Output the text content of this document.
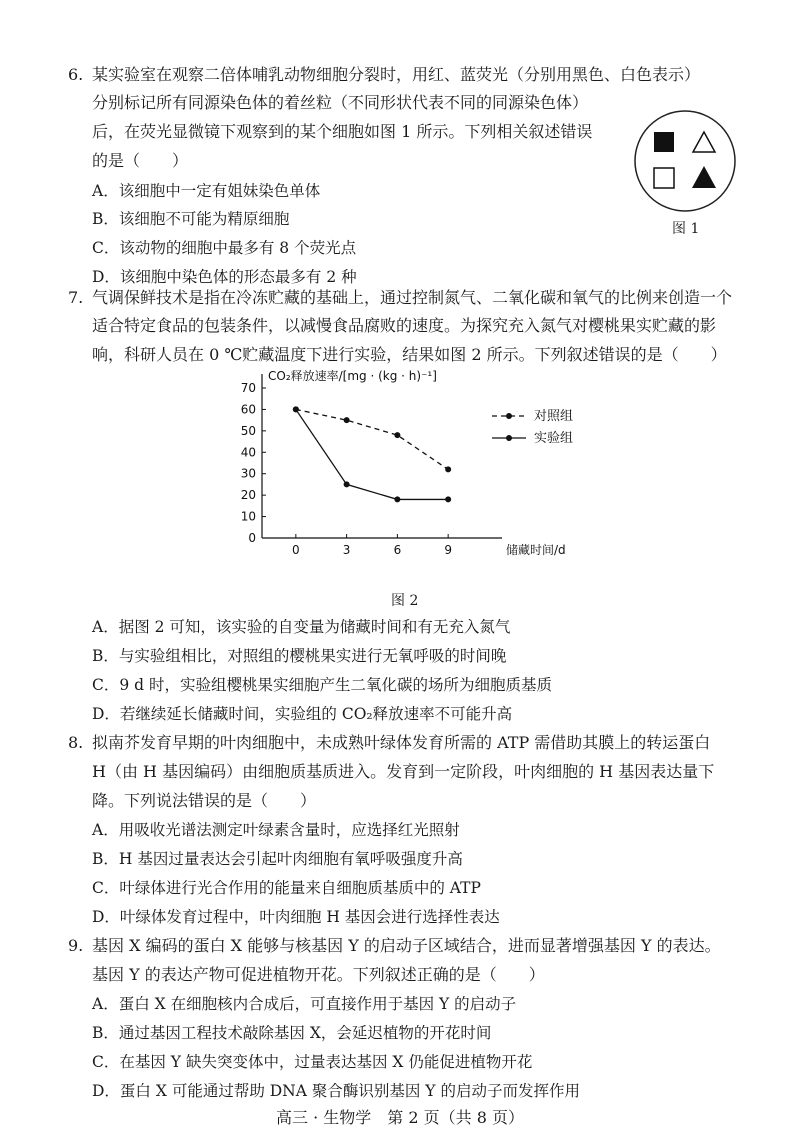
6. 某实验室在观察二倍体哺乳动物细胞分裂时，用红、蓝荧光（分别用黑色、白色表示）
分别标记所有同源染色体的着丝粒（不同形状代表不同的同源染色体）
后，在荧光显微镜下观察到的某个细胞如图 1 所示。下列相关叙述错误
的是（　　）
A．该细胞中一定有姐妹染色单体
B．该细胞不可能为精原细胞
C．该动物的细胞中最多有 8 个荧光点
D．该细胞中染色体的形态最多有 2 种
图 1
7. 气调保鲜技术是指在冷冻贮藏的基础上，通过控制氮气、二氧化碳和氧气的比例来创造一个
适合特定食品的包装条件，以减慢食品腐败的速度。为探究充入氮气对樱桃果实贮藏的影
响，科研人员在 0 ℃贮藏温度下进行实验，结果如图 2 所示。下列叙述错误的是（　　）
CO₂释放速率/[mg · (kg · h)⁻¹]
储藏时间/d
0
10
20
30
40
50
60
70
0	3	6	9
对照组
实验组
图 2
A．据图 2 可知，该实验的自变量为储藏时间和有无充入氮气
B．与实验组相比，对照组的樱桃果实进行无氧呼吸的时间晚
C．9 d 时，实验组樱桃果实细胞产生二氧化碳的场所为细胞质基质
D．若继续延长储藏时间，实验组的 CO₂释放速率不可能升高
8. 拟南芥发育早期的叶肉细胞中，未成熟叶绿体发育所需的 ATP 需借助其膜上的转运蛋白
H（由 H 基因编码）由细胞质基质进入。发育到一定阶段，叶肉细胞的 H 基因表达量下
降。下列说法错误的是（　　）
A．用吸收光谱法测定叶绿素含量时，应选择红光照射
B．H 基因过量表达会引起叶肉细胞有氧呼吸强度升高
C．叶绿体进行光合作用的能量来自细胞质基质中的 ATP
D．叶绿体发育过程中，叶肉细胞 H 基因会进行选择性表达
9. 基因 X 编码的蛋白 X 能够与核基因 Y 的启动子区域结合，进而显著增强基因 Y 的表达。
基因 Y 的表达产物可促进植物开花。下列叙述正确的是（　　）
A．蛋白 X 在细胞核内合成后，可直接作用于基因 Y 的启动子
B．通过基因工程技术敲除基因 X，会延迟植物的开花时间
C．在基因 Y 缺失突变体中，过量表达基因 X 仍能促进植物开花
D．蛋白 X 可能通过帮助 DNA 聚合酶识别基因 Y 的启动子而发挥作用
高三 · 生物学　第 2 页（共 8 页）
